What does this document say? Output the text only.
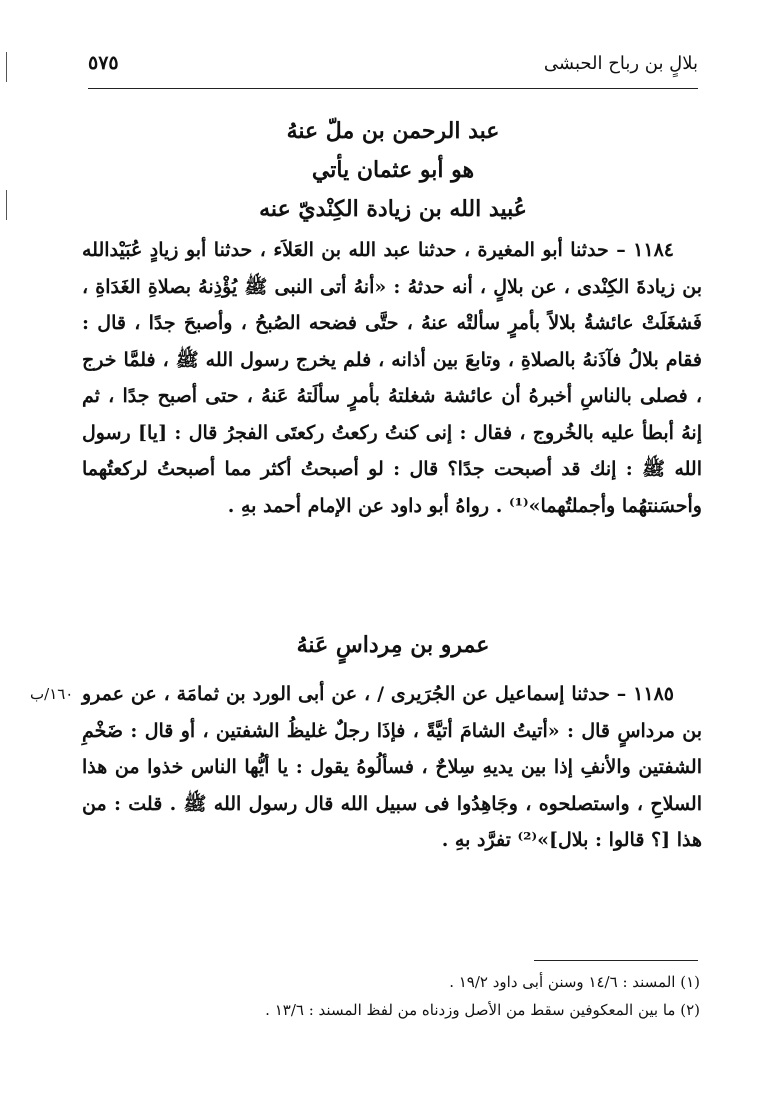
٥٧٥	بلالٍ بن رباح الحبشى
عبد الرحمن بن ملّ عنهُ
هو أبو عثمان يأتي
عُبيد الله بن زيادة الكِنْديّ عنه

١١٨٤ – حدثنا أبو المغيرة ، حدثنا عبد الله بن العَلاَء ، حدثنا أبو زيادٍ عُبَيْدالله بن زيادةَ الكِنْدى ، عن بلالٍ ، أنه حدثهُ : «أنهُ أتى النبى ﷺ يُؤْذِنهُ بصلاةِ الغَدَاةِ ، فَشغَلَتْ عائشةُ بلالاً بأمرٍ سألتْه عنهُ ، حتَّى فضحه الصُبحُ ، وأصبحَ جدًا ، قال : فقام بلالُ فآذَنهُ بالصلاةِ ، وتابعَ بين أذانه ، فلم يخرج رسول الله ﷺ ، فلمَّا خرج ، فصلى بالناسِ أخبرهُ أن عائشة شغلتهُ بأمرٍ سألَتهُ عَنهُ ، حتى أصبح جدًا ، ثم إنهُ أبطأ عليه بالخُروج ، فقال : إنى كنتُ ركعتُ ركعتَى الفجرُ قال : [يا] رسول الله ﷺ : إنك قد أصبحت جدًا؟ قال : لو أصبحتُ أكثر مما أصبحتُ لركعتُهما وأحسَنتهُما وأجملتُهما»⁽¹⁾ . رواهُ أبو داود عن الإمام أحمد بهِ .

عمرو بن مِرداسٍ عَنهُ
١٦٠/ب ١١٨٥ – حدثنا إسماعيل عن الجُرَيرى / ، عن أبى الورد بن ثمامَة ، عن عمرو بن مرداسٍ قال : «أتيتُ الشامَ أتيَّةً ، فإذَا رجلٌ غليظُ الشفتين ، أو قال : ضَخْمِ الشفتين والأنفِ إذا بين يديهِ سِلاحٌ ، فسألُوهُ يقول : يا أيُّها الناس خذوا من هذا السلاحِ ، واستصلحوه ، وجَاهِدُوا فى سبيل الله قال رسول الله ﷺ . قلت : من هذا [؟ قالوا : بلال]»⁽²⁾ تفرَّد بهِ .

(١) المسند : ١٤/٦ وسنن أبى داود ١٩/٢ .
(٢) ما بين المعكوفين سقط من الأصل وزدناه من لفظ المسند : ١٣/٦ .
